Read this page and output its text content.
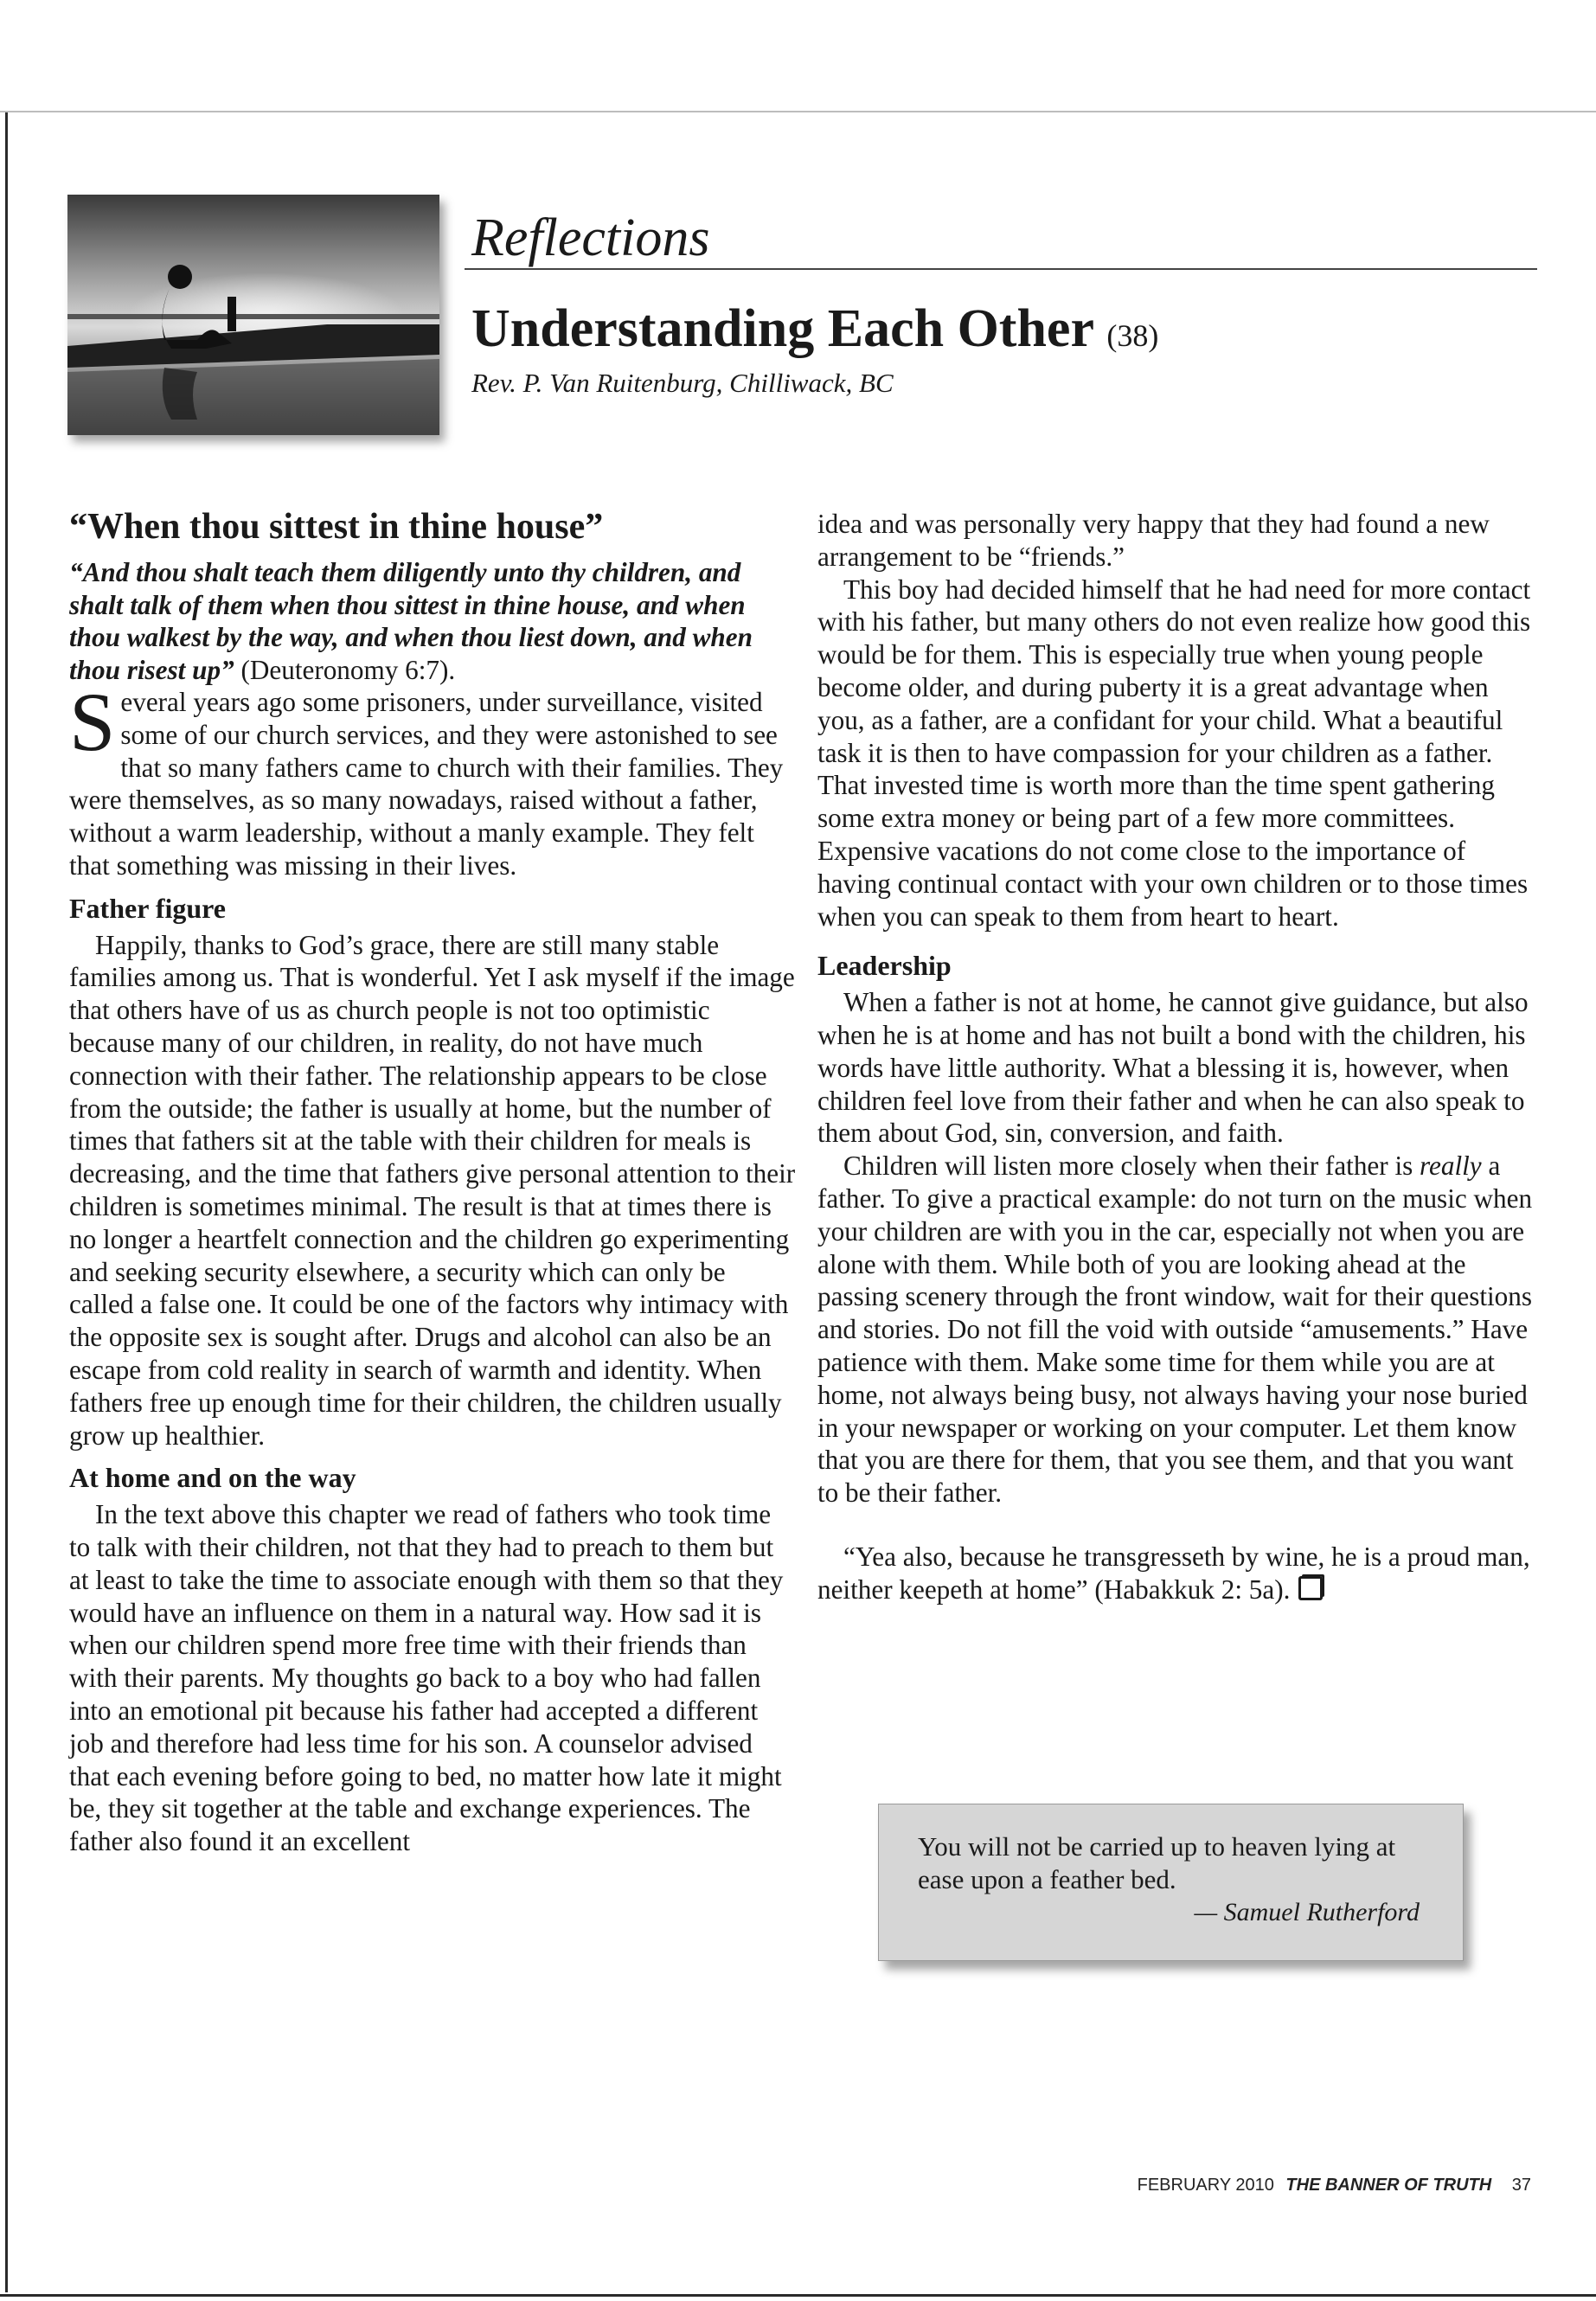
Reflections
Understanding Each Other (38)
Rev. P. Van Ruitenburg, Chilliwack, BC
“When thou sittest in thine house”

“And thou shalt teach them diligently unto thy children, and shalt talk of them when thou sittest in thine house, and when thou walkest by the way, and when thou liest down, and when thou risest up” (Deuteronomy 6:7).

Several years ago some prisoners, under surveillance, visited some of our church services, and they were astonished to see that so many fathers came to church with their families. They were themselves, as so many nowadays, raised without a father, without a warm leadership, without a manly example. They felt that something was missing in their lives.

Father figure

Happily, thanks to God’s grace, there are still many stable families among us. That is wonderful. Yet I ask myself if the image that others have of us as church people is not too optimistic because many of our children, in reality, do not have much connection with their father. The relationship appears to be close from the outside; the father is usually at home, but the number of times that fathers sit at the table with their children for meals is decreasing, and the time that fathers give personal attention to their children is sometimes minimal. The result is that at times there is no longer a heartfelt connection and the children go experimenting and seeking security elsewhere, a security which can only be called a false one. It could be one of the factors why intimacy with the opposite sex is sought after. Drugs and alcohol can also be an escape from cold reality in search of warmth and identity. When fathers free up enough time for their children, the children usually grow up healthier.

At home and on the way

In the text above this chapter we read of fathers who took time to talk with their children, not that they had to preach to them but at least to take the time to associate enough with them so that they would have an influence on them in a natural way. How sad it is when our children spend more free time with their friends than with their parents. My thoughts go back to a boy who had fallen into an emotional pit because his father had accepted a different job and therefore had less time for his son. A counselor advised that each evening before going to bed, no matter how late it might be, they sit together at the table and exchange experiences. The father also found it an excellent

idea and was personally very happy that they had found a new arrangement to be “friends.”

This boy had decided himself that he had need for more contact with his father, but many others do not even realize how good this would be for them. This is especially true when young people become older, and during puberty it is a great advantage when you, as a father, are a confidant for your child. What a beautiful task it is then to have compassion for your children as a father. That invested time is worth more than the time spent gathering some extra money or being part of a few more committees. Expensive vacations do not come close to the importance of having continual contact with your own children or to those times when you can speak to them from heart to heart.

Leadership

When a father is not at home, he cannot give guidance, but also when he is at home and has not built a bond with the children, his words have little authority. What a blessing it is, however, when children feel love from their father and when he can also speak to them about God, sin, conversion, and faith.

Children will listen more closely when their father is really a father. To give a practical example: do not turn on the music when your children are with you in the car, especially not when you are alone with them. While both of you are looking ahead at the passing scenery through the front window, wait for their questions and stories. Do not fill the void with outside “amusements.” Have patience with them. Make some time for them while you are at home, not always being busy, not always having your nose buried in your newspaper or working on your computer. Let them know that you are there for them, that you see them, and that you want to be their father.

“Yea also, because he transgresseth by wine, he is a proud man, neither keepeth at home” (Habakkuk 2: 5a).

You will not be carried up to heaven lying at ease upon a feather bed.
— Samuel Rutherford
FEBRUARY 2010 THE BANNER OF TRUTH 37
